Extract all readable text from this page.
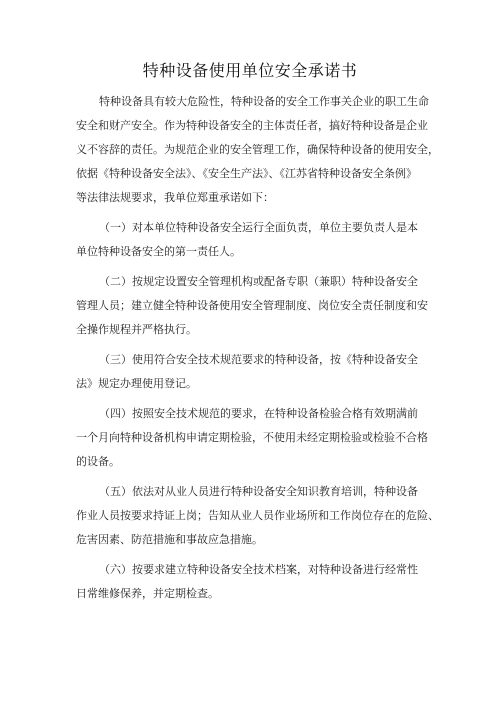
特种设备使用单位安全承诺书
特种设备具有较大危险性，特种设备的安全工作事关企业的职工生命
安全和财产安全。作为特种设备安全的主体责任者，搞好特种设备是企业
义不容辞的责任。为规范企业的安全管理工作，确保特种设备的使用安全，
依据《特种设备安全法》、《安全生产法》、《江苏省特种设备安全条例》
等法律法规要求，我单位郑重承诺如下：
（一）对本单位特种设备安全运行全面负责，单位主要负责人是本
单位特种设备安全的第一责任人。
（二）按规定设置安全管理机构或配备专职（兼职）特种设备安全
管理人员；建立健全特种设备使用安全管理制度、岗位安全责任制度和安
全操作规程并严格执行。
（三）使用符合安全技术规范要求的特种设备，按《特种设备安全
法》规定办理使用登记。
（四）按照安全技术规范的要求，在特种设备检验合格有效期满前
一个月向特种设备机构申请定期检验，不使用未经定期检验或检验不合格
的设备。
（五）依法对从业人员进行特种设备安全知识教育培训，特种设备
作业人员按要求持证上岗；告知从业人员作业场所和工作岗位存在的危险、
危害因素、防范措施和事故应急措施。
（六）按要求建立特种设备安全技术档案，对特种设备进行经常性
日常维修保养，并定期检查。
